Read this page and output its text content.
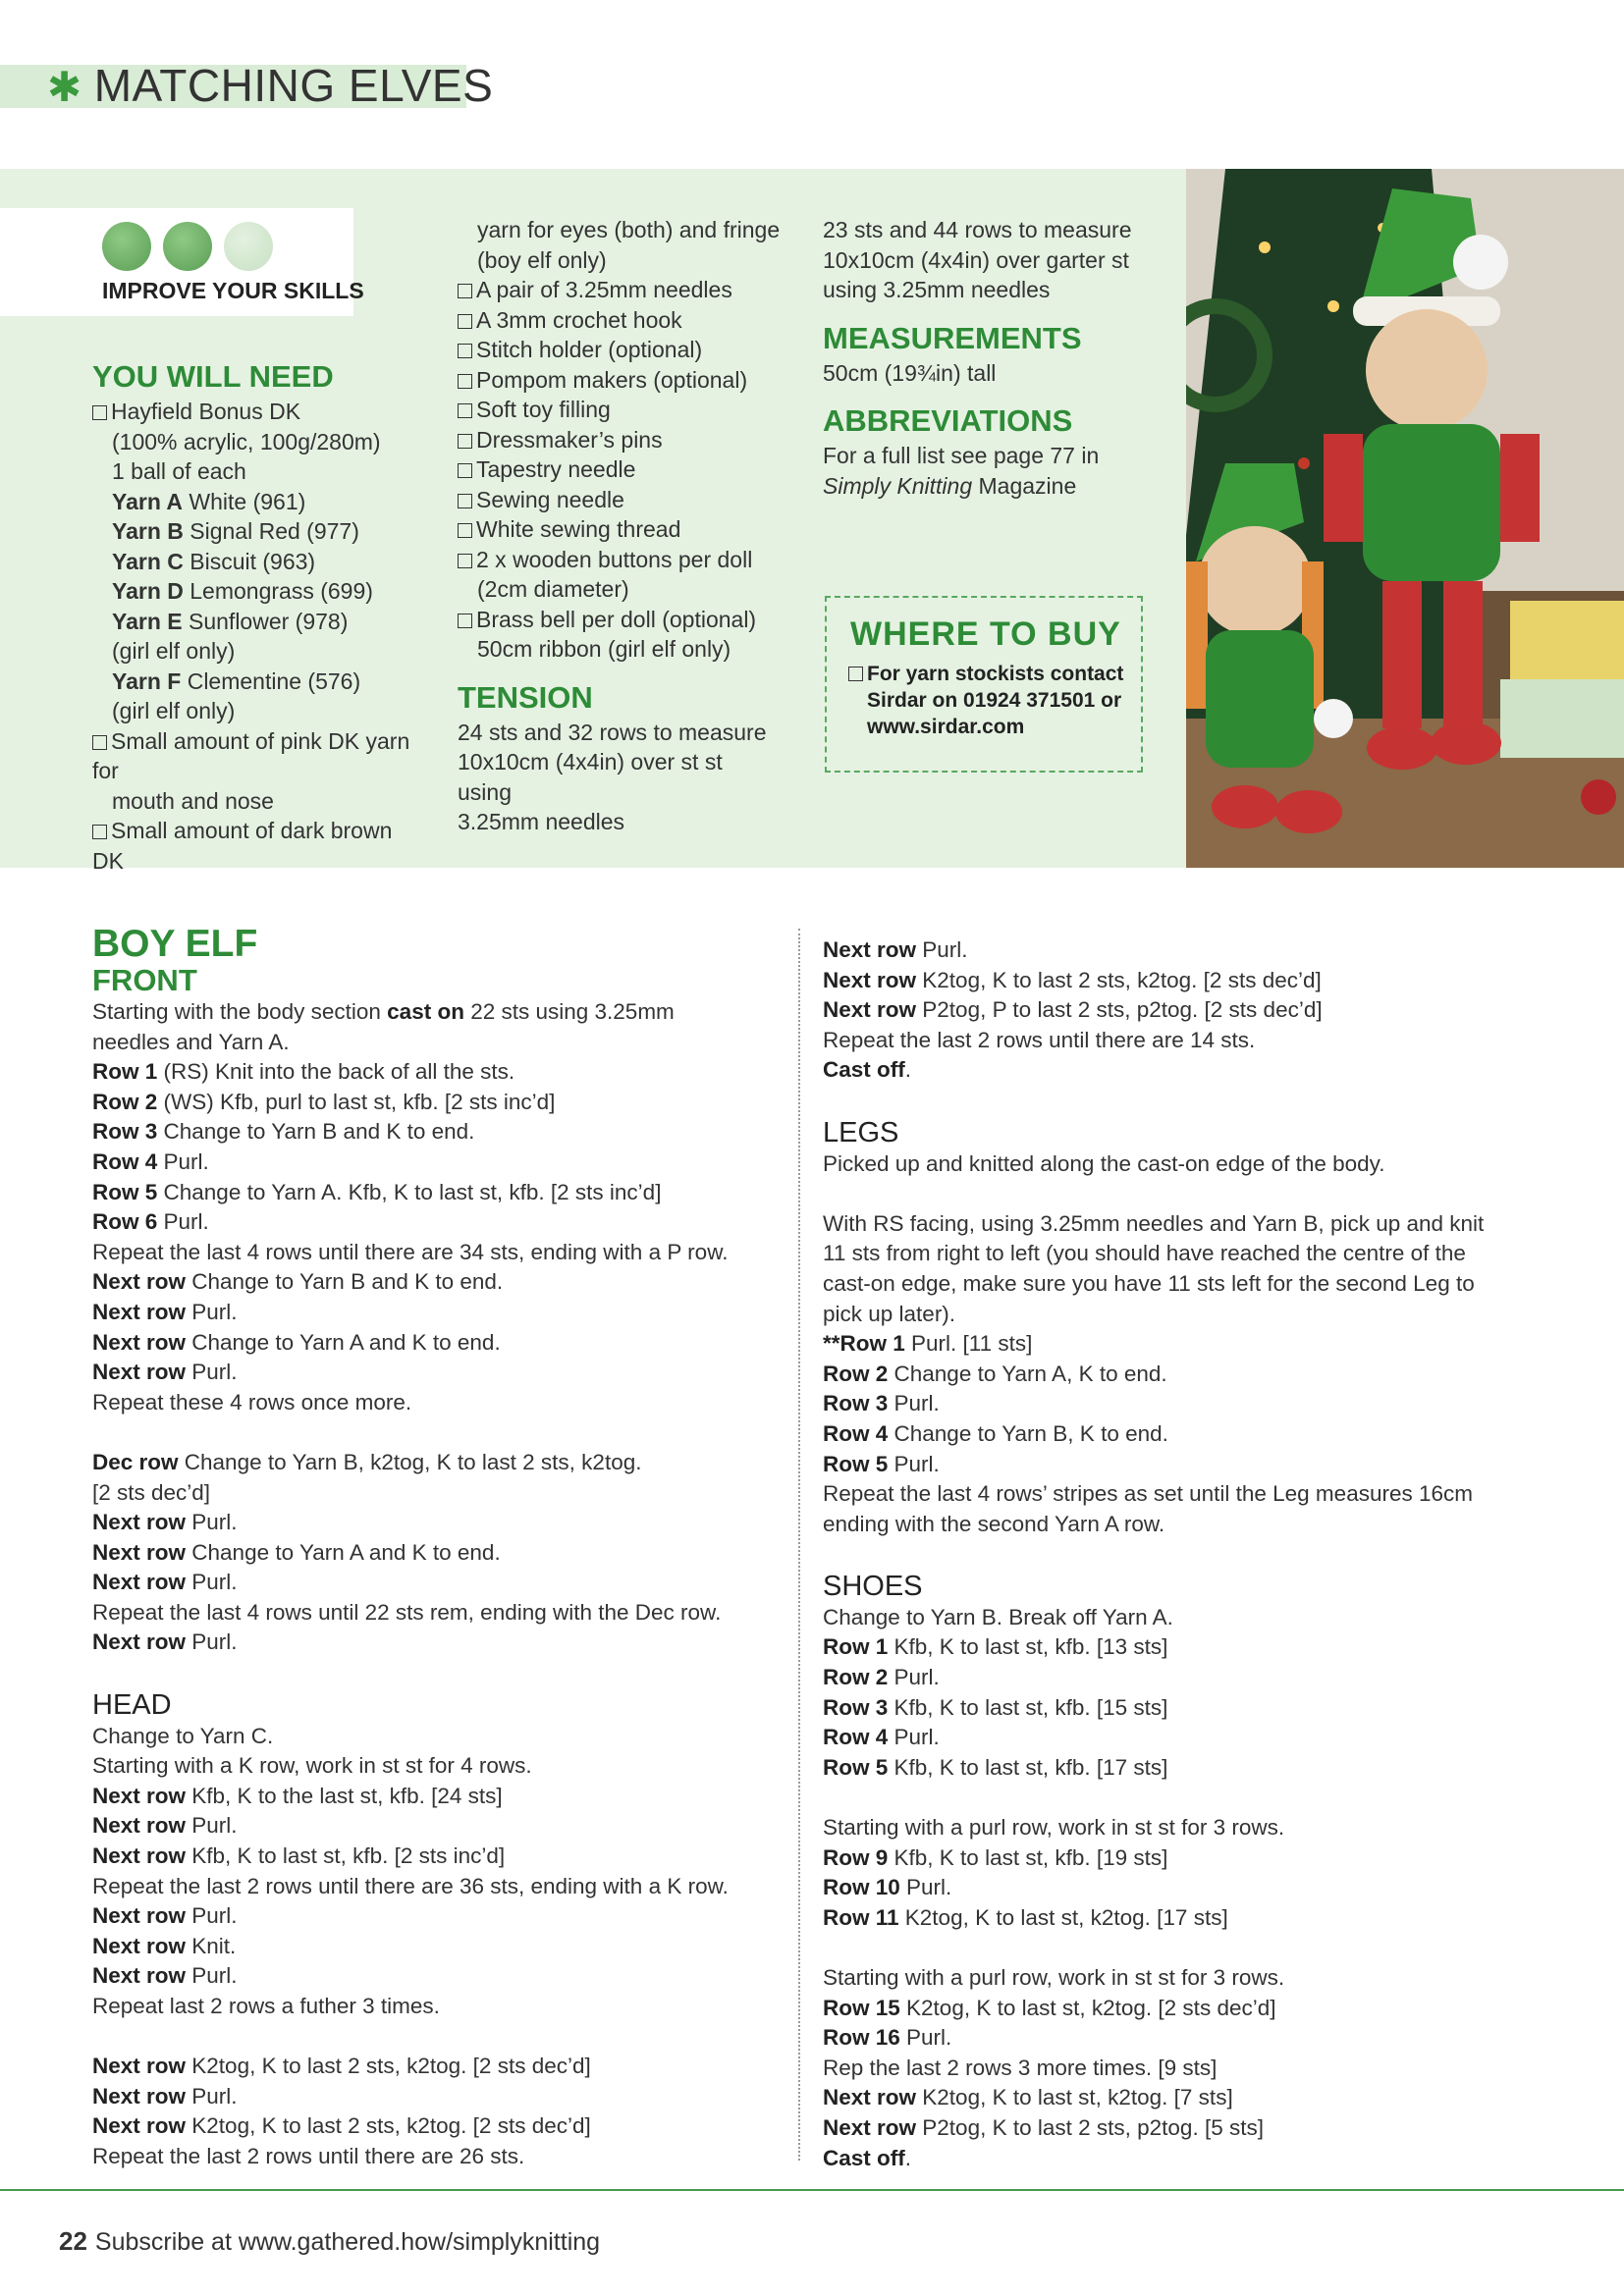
✱ MATCHING ELVES
IMPROVE YOUR SKILLS

YOU WILL NEED

Hayfield Bonus DK

(100% acrylic, 100g/280m)

1 ball of each

Yarn A White (961)

Yarn B Signal Red (977)

Yarn C Biscuit (963)

Yarn D Lemongrass (699)

Yarn E Sunflower (978)

(girl elf only)

Yarn F Clementine (576)

(girl elf only)

Small amount of pink DK yarn for

mouth and nose

Small amount of dark brown DK

yarn for eyes (both) and fringe

(boy elf only)

A pair of 3.25mm needles

A 3mm crochet hook

Stitch holder (optional)

Pompom makers (optional)

Soft toy filling

Dressmaker’s pins

Tapestry needle

Sewing needle

White sewing thread

2 x wooden buttons per doll

(2cm diameter)

Brass bell per doll (optional)

50cm ribbon (girl elf only)

TENSION

24 sts and 32 rows to measure

10x10cm (4x4in) over st st using

3.25mm needles

23 sts and 44 rows to measure

10x10cm (4x4in) over garter st

using 3.25mm needles

MEASUREMENTS

50cm (19¾in) tall

ABBREVIATIONS

For a full list see page 77 in

Simply Knitting Magazine

WHERE TO BUY
For yarn stockists contact
Sirdar on 01924 371501 or
www.sirdar.com

BOY ELF

FRONT

Starting with the body section cast on 22 sts using 3.25mm

needles and Yarn A.

Row 1 (RS) Knit into the back of all the sts.

Row 2 (WS) Kfb, purl to last st, kfb. [2 sts inc’d]

Row 3 Change to Yarn B and K to end.

Row 4 Purl.

Row 5 Change to Yarn A. Kfb, K to last st, kfb. [2 sts inc’d]

Row 6 Purl.

Repeat the last 4 rows until there are 34 sts, ending with a P row.

Next row Change to Yarn B and K to end.

Next row Purl.

Next row Change to Yarn A and K to end.

Next row Purl.

Repeat these 4 rows once more.

Dec row Change to Yarn B, k2tog, K to last 2 sts, k2tog.

[2 sts dec’d]

Next row Purl.

Next row Change to Yarn A and K to end.

Next row Purl.

Repeat the last 4 rows until 22 sts rem, ending with the Dec row.

Next row Purl.

HEAD

Change to Yarn C.

Starting with a K row, work in st st for 4 rows.

Next row Kfb, K to the last st, kfb. [24 sts]

Next row Purl.

Next row Kfb, K to last st, kfb. [2 sts inc’d]

Repeat the last 2 rows until there are 36 sts, ending with a K row.

Next row Purl.

Next row Knit.

Next row Purl.

Repeat last 2 rows a futher 3 times.

Next row K2tog, K to last 2 sts, k2tog. [2 sts dec’d]

Next row Purl.

Next row K2tog, K to last 2 sts, k2tog. [2 sts dec’d]

Repeat the last 2 rows until there are 26 sts.

Next row Purl.

Next row K2tog, K to last 2 sts, k2tog. [2 sts dec’d]

Next row P2tog, P to last 2 sts, p2tog. [2 sts dec’d]

Repeat the last 2 rows until there are 14 sts.

Cast off.

LEGS

Picked up and knitted along the cast-on edge of the body.

With RS facing, using 3.25mm needles and Yarn B, pick up and knit

11 sts from right to left (you should have reached the centre of the

cast-on edge, make sure you have 11 sts left for the second Leg to

pick up later).

**Row 1 Purl. [11 sts]

Row 2 Change to Yarn A, K to end.

Row 3 Purl.

Row 4 Change to Yarn B, K to end.

Row 5 Purl.

Repeat the last 4 rows’ stripes as set until the Leg measures 16cm

ending with the second Yarn A row.

SHOES

Change to Yarn B. Break off Yarn A.

Row 1 Kfb, K to last st, kfb. [13 sts]

Row 2 Purl.

Row 3 Kfb, K to last st, kfb. [15 sts]

Row 4 Purl.

Row 5 Kfb, K to last st, kfb. [17 sts]

Starting with a purl row, work in st st for 3 rows.

Row 9 Kfb, K to last st, kfb. [19 sts]

Row 10 Purl.

Row 11 K2tog, K to last st, k2tog. [17 sts]

Starting with a purl row, work in st st for 3 rows.

Row 15 K2tog, K to last st, k2tog. [2 sts dec’d]

Row 16 Purl.

Rep the last 2 rows 3 more times. [9 sts]

Next row K2tog, K to last st, k2tog. [7 sts]

Next row P2tog, K to last 2 sts, p2tog. [5 sts]

Cast off.

22 Subscribe at www.gathered.how/simplyknitting
